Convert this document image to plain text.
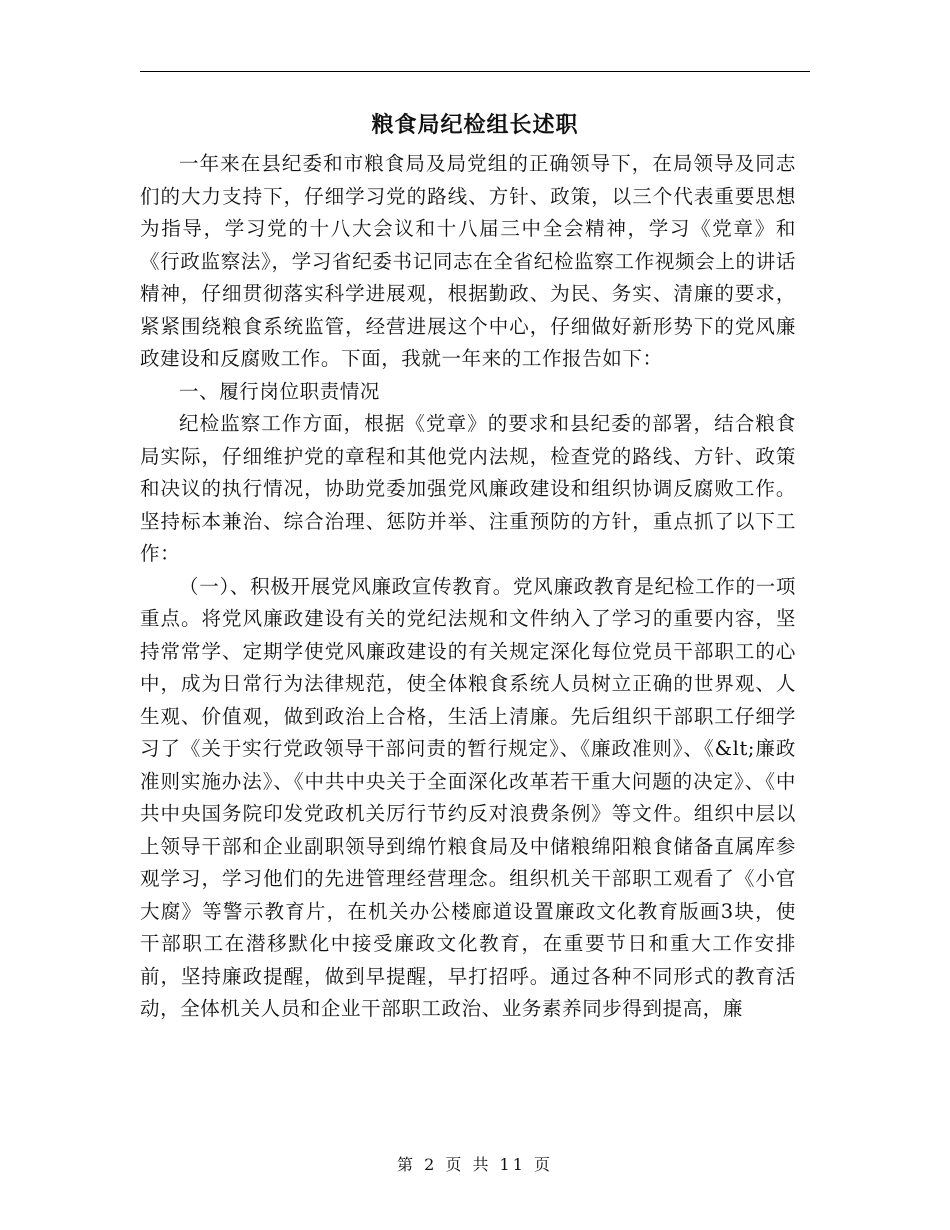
粮食局纪检组长述职

一年来在县纪委和市粮食局及局党组的正确领导下，在局领导及同志们的大力支持下，仔细学习党的路线、方针、政策，以三个代表重要思想为指导，学习党的十八大会议和十八届三中全会精神，学习《党章》和《行政监察法》，学习省纪委书记同志在全省纪检监察工作视频会上的讲话精神，仔细贯彻落实科学进展观，根据勤政、为民、务实、清廉的要求，紧紧围绕粮食系统监管，经营进展这个中心，仔细做好新形势下的党风廉政建设和反腐败工作。下面，我就一年来的工作报告如下：

一、履行岗位职责情况

纪检监察工作方面，根据《党章》的要求和县纪委的部署，结合粮食局实际，仔细维护党的章程和其他党内法规，检查党的路线、方针、政策和决议的执行情况，协助党委加强党风廉政建设和组织协调反腐败工作。坚持标本兼治、综合治理、惩防并举、注重预防的方针，重点抓了以下工作：

（一）、积极开展党风廉政宣传教育。党风廉政教育是纪检工作的一项重点。将党风廉政建设有关的党纪法规和文件纳入了学习的重要内容，坚持常常学、定期学使党风廉政建设的有关规定深化每位党员干部职工的心中，成为日常行为法律规范，使全体粮食系统人员树立正确的世界观、人生观、价值观，做到政治上合格，生活上清廉。先后组织干部职工仔细学习了《关于实行党政领导干部问责的暂行规定》、《廉政准则》、《&lt;廉政准则实施办法》、《中共中央关于全面深化改革若干重大问题的决定》、《中共中央国务院印发党政机关厉行节约反对浪费条例》等文件。组织中层以上领导干部和企业副职领导到绵竹粮食局及中储粮绵阳粮食储备直属库参观学习，学习他们的先进管理经营理念。组织机关干部职工观看了《小官大腐》等警示教育片，在机关办公楼廊道设置廉政文化教育版画3块，使干部职工在潜移默化中接受廉政文化教育，在重要节日和重大工作安排前，坚持廉政提醒，做到早提醒，早打招呼。通过各种不同形式的教育活动，全体机关人员和企业干部职工政治、业务素养同步得到提高，廉

第 2 页 共 11 页
